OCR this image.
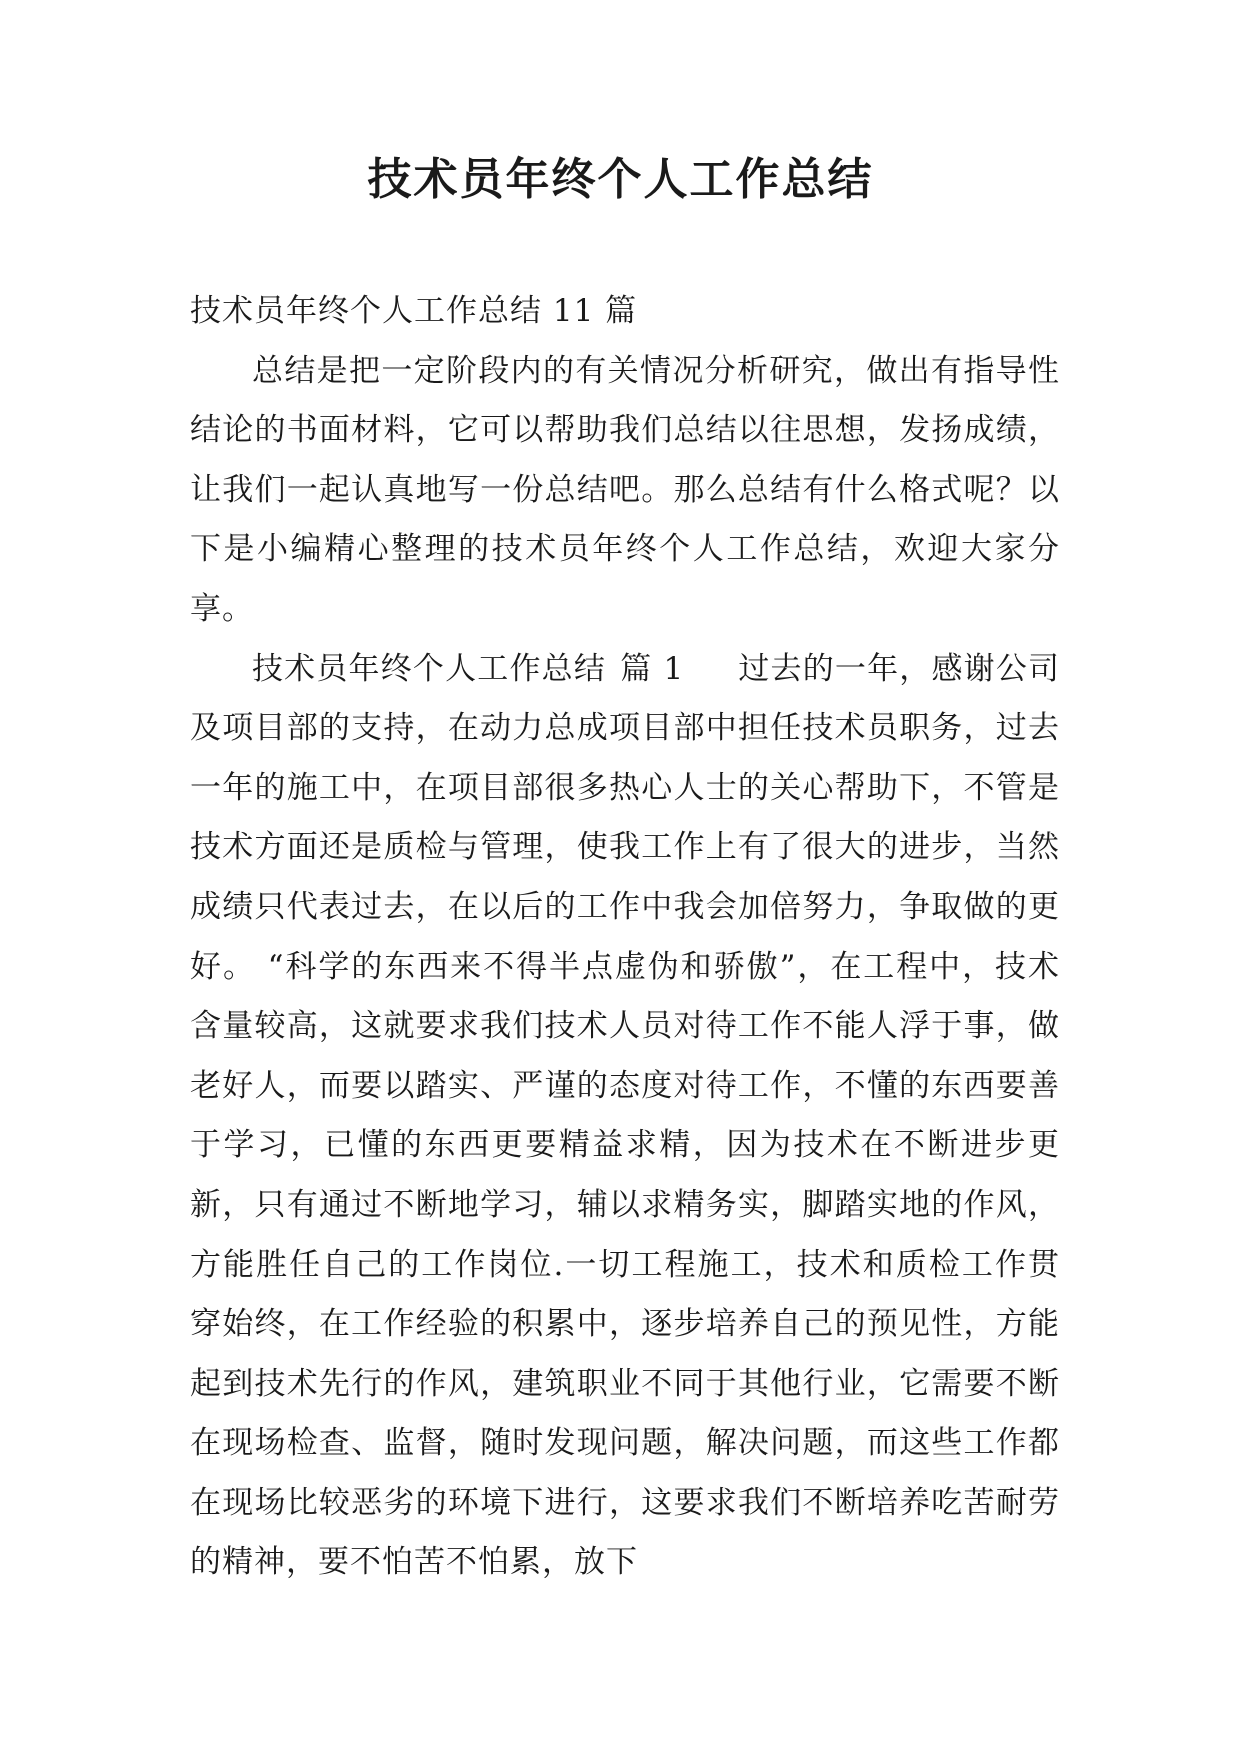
技术员年终个人工作总结

技术员年终个人工作总结 11 篇

总结是把一定阶段内的有关情况分析研究，做出有指导性结论的书面材料，它可以帮助我们总结以往思想，发扬成绩，让我们一起认真地写一份总结吧。那么总结有什么格式呢？以下是小编精心整理的技术员年终个人工作总结，欢迎大家分享。

技术员年终个人工作总结 篇 1 过去的一年，感谢公司及项目部的支持，在动力总成项目部中担任技术员职务，过去一年的施工中，在项目部很多热心人士的关心帮助下，不管是技术方面还是质检与管理，使我工作上有了很大的进步，当然成绩只代表过去，在以后的工作中我会加倍努力，争取做的更好。 “科学的东西来不得半点虚伪和骄傲”，在工程中，技术含量较高，这就要求我们技术人员对待工作不能人浮于事，做老好人，而要以踏实、严谨的态度对待工作，不懂的东西要善于学习，已懂的东西更要精益求精，因为技术在不断进步更新，只有通过不断地学习，辅以求精务实，脚踏实地的作风，方能胜任自己的工作岗位.一切工程施工，技术和质检工作贯穿始终，在工作经验的积累中，逐步培养自己的预见性，方能起到技术先行的作风，建筑职业不同于其他行业，它需要不断在现场检查、监督，随时发现问题，解决问题，而这些工作都在现场比较恶劣的环境下进行，这要求我们不断培养吃苦耐劳的精神，要不怕苦不怕累，放下
